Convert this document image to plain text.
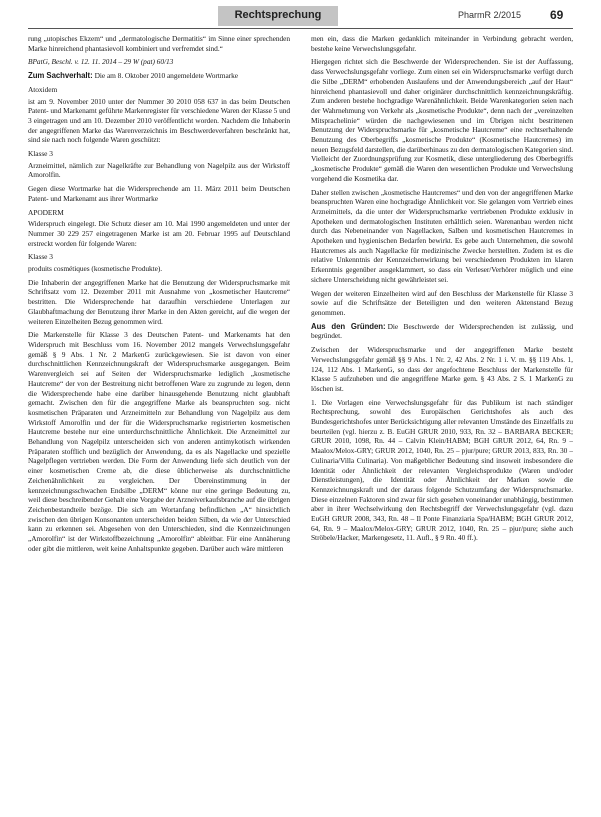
Rechtsprechung	PharmR 2/2015 69

rung „utopisches Ekzem“ und „dermatologische Dermatitis“ im Sinne einer sprechenden Marke hinreichend phantasievoll kombiniert und verfremdet sind.“

BPatG, Beschl. v. 12. 11. 2014 – 29 W (pat) 60/13

Zum Sachverhalt: Die am 8. Oktober 2010 angemeldete Wortmarke

Atoxidem

ist am 9. November 2010 unter der Nummer 30 2010 058 637 in das beim Deutschen Patent- und Markenamt geführte Markenregister für verschiedene Waren der Klasse 5 und 3 eingetragen und am 10. Dezember 2010 veröffentlicht worden. Nachdem die Inhaberin der angegriffenen Marke das Warenverzeichnis im Beschwerdeverfahren beschränkt hat, sind sie nach noch folgende Waren geschützt:

Klasse 3

Arzneimittel, nämlich zur Nagelkräfte zur Behandlung von Nagelpilz aus der Wirkstoff Amorolfin.

Gegen diese Wortmarke hat die Widersprechende am 11. März 2011 beim Deutschen Patent- und Markenamt aus ihrer Wortmarke

APODERM

Widerspruch eingelegt. Die Schutz dieser am 10. Mai 1990 angemeldeten und unter der Nummer 30 229 257 eingetragenen Marke ist am 20. Februar 1995 auf Deutschland erstreckt worden für folgende Waren:

Klasse 3

produits cosmétiques (kosmetische Produkte).

Die Inhaberin der angegriffenen Marke hat die Benutzung der Widerspruchsmarke mit Schriftsatz vom 12. Dezember 2011 mit Ausnahme von „kosmetischer Hautcreme“ bestritten. Die Widersprechende hat daraufhin verschiedene Unterlagen zur Glaubhaftmachung der Benutzung ihrer Marke in den Akten gereicht, auf die wegen der weiteren Einzelheiten Bezug genommen wird.

Die Markenstelle für Klasse 3 des Deutschen Patent- und Markenamts hat den Widerspruch mit Beschluss vom 16. November 2012 mangels Verwechslungsgefahr gemäß § 9 Abs. 1 Nr. 2 MarkenG zurückgewiesen. Sie ist davon von einer durchschnittlichen Kennzeichnungskraft der Widerspruchsmarke ausgegangen. Beim Warenvergleich sei auf Seiten der Widerspruchsmarke lediglich „kosmetische Hautcreme“ der von der Bestreitung nicht betroffenen Ware zu zugrunde zu legen, denn die Widersprechende habe eine darüber hinausgehende Benutzung nicht glaubhaft gemacht. Zwischen den für die angegriffene Marke als beanspruchten sog. nicht kosmetischen Präparaten und Arzneimitteln zur Behandlung von Nagelpilz aus dem Wirkstoff Amorolfin und der für die Widerspruchsmarke registrierten kosmetischen Hautcreme bestehe nur eine unterdurchschnittliche Ähnlichkeit. Die Arzneimittel zur Behandlung von Nagelpilz unterscheiden sich von anderen antimykotisch wirkenden Präparaten stofflich und bezüglich der Anwendung, da es als Nagellacke und spezielle Nagelpflegen vertrieben werden. Die Form der Anwendung liefe sich deutlich von der einer kosmetischen Creme ab, die diese üblicherweise als durchschnittliche Zeichenähnlichkeit zu vergleichen. Der Übereinstimmung in der kennzeichnungsschwachen Endsilbe „DERM“ könne nur eine geringe Bedeutung zu, weil diese beschreibender Gehalt eine Vorgabe der Arzneiverkaufsbranche auf die übrigen Zeichenbestandteile bezöge. Die sich am Wortanfang befindlichen „A“ hinsichtlich zwischen den übrigen Konsonanten unterscheiden beiden Silben, da wie der Unterschied kann zu erkennen sei. Abgesehen von den Unterschieden, sind die Kennzeichnungen „Amorolfin“ ist der Wirkstoffbezeichnung „Amorolfin“ ableitbar. Für eine Annäherung oder gibt die mittleren, weit keine Anhaltspunkte gegeben. Darüber auch wäre mittleren

men ein, dass die Marken gedanklich miteinander in Verbindung gebracht werden, bestehe keine Verwechslungsgefahr.

Hiergegen richtet sich die Beschwerde der Widersprechenden. Sie ist der Auffassung, dass Verwechslungsgefahr vorliege. Zum einen sei ein Widerspruchsmarke verfügt durch die Silbe „DERM“ erhobenden Auslaufens und der Anwendungsbereich „auf der Haut“ hinreichend phantasievoll und daher originärer durchschnittlich kennzeichnungskräftig. Zum anderen bestehe hochgradige Warenähnlichkeit. Beide Warenkategorien seien nach der Wahrnehmung von Verkehr als „kosmetische Produkte“, denn nach der „vereinzelten Mitsprachelinie“ würden die nachgewiesenen und im Übrigen nicht bestrittenen Benutzung der Widerspruchsmarke für „kosmetische Hautcreme“ eine rechtserhaltende Benutzung des Oberbegriffs „kosmetische Produkte“ (Kosmetische Hautcremes) im neuen Bezugsfeld darstellen, die darüberhinaus zu den dermatologischen Kategorien sind. Vielleicht der Zuordnungsprüfung zur Kosmetik, diese untergliederung des Oberbegriffs „kosmetische Produkte“ gemäß die Waren den wesentlichen Produkte und Verwechslung vorgehend die Kosmetika dar.

Daher stellen zwischen „kosmetische Hautcremes“ und den von der angegriffenen Marke beanspruchten Waren eine hochgradige Ähnlichkeit vor. Sie gelangen vom Vertrieb eines Arzneimittels, da die unter der Widerspruchsmarke vertriebenen Produkte exklusiv in Apotheken und dermatologischen Instituten erhältlich seien. Warenanbau werden nicht durch das Nebeneinander von Nagellacken, Salben und kosmetischen Hautcremes in Apotheken und hygienischen Bedarfen bewirkt. Es gebe auch Unternehmen, die sowohl Hautcremes als auch Nagellacke für medizinische Zwecke herstellten. Zudem ist es die relative Unkenntnis der Kennzeichenwirkung bei verschiedenen Produkten im klaren Erkenntnis gegenüber ausgeklammert, so dass ein Verleser/Verhörer möglich und eine sichere Unterscheidung nicht gewährleistet sei.

Wegen der weiteren Einzelheiten wird auf den Beschluss der Markenstelle für Klasse 3 sowie auf die Schriftsätze der Beteiligten und den weiteren Aktenstand Bezug genommen.

Aus den Gründen: Die Beschwerde der Widersprechenden ist zulässig, und begründet.

Zwischen der Widerspruchsmarke und der angegriffenen Marke besteht Verwechslungsgefahr gemäß §§ 9 Abs. 1 Nr. 2, 42 Abs. 2 Nr. 1 i. V. m. §§ 119 Abs. 1, 124, 112 Abs. 1 MarkenG, so dass der angefochtene Beschluss der Markenstelle für Klasse 5 aufzuheben und die angegriffene Marke gem. § 43 Abs. 2 S. 1 MarkenG zu löschen ist.

1. Die Vorlagen eine Verwechslungsgefahr für das Publikum ist nach ständiger Rechtsprechung, sowohl des Europäischen Gerichtshofes als auch des Bundesgerichtshofes unter Berücksichtigung aller relevanten Umstände des Einzelfalls zu beurteilen (vgl. hierzu z. B. EuGH GRUR 2010, 933, Rn. 32 – BARBARA BECKER; GRUR 2010, 1098, Rn. 44 – Calvin Klein/HABM; BGH GRUR 2012, 64, Rn. 9 – Maalox/Melox-GRY; GRUR 2012, 1040, Rn. 25 – pjur/pure; GRUR 2013, 833, Rn. 30 – Culinaria/Villa Culinaria). Von maßgeblicher Bedeutung sind insoweit insbesondere die Identität oder Ähnlichkeit der relevanten Vergleichsprodukte (Waren und/oder Dienstleistungen), die Identität oder Ähnlichkeit der Marken sowie die Kennzeichnungskraft und der daraus folgende Schutzumfang der Widerspruchsmarke. Diese einzelnen Faktoren sind zwar für sich gesehen voneinander unabhängig, bestimmen aber in ihrer Wechselwirkung den Rechtsbegriff der Verwechslungsgefahr (vgl. dazu EuGH GRUR 2008, 343, Rn. 48 – Il Ponte Finanziaria Spa/HABM; BGH GRUR 2012, 64, Rn. 9 – Maalox/Melox-GRY; GRUR 2012, 1040, Rn. 25 – pjur/pure; siehe auch Ströbele/Hacker, Markengesetz, 11. Aufl., § 9 Rn. 40 ff.).
